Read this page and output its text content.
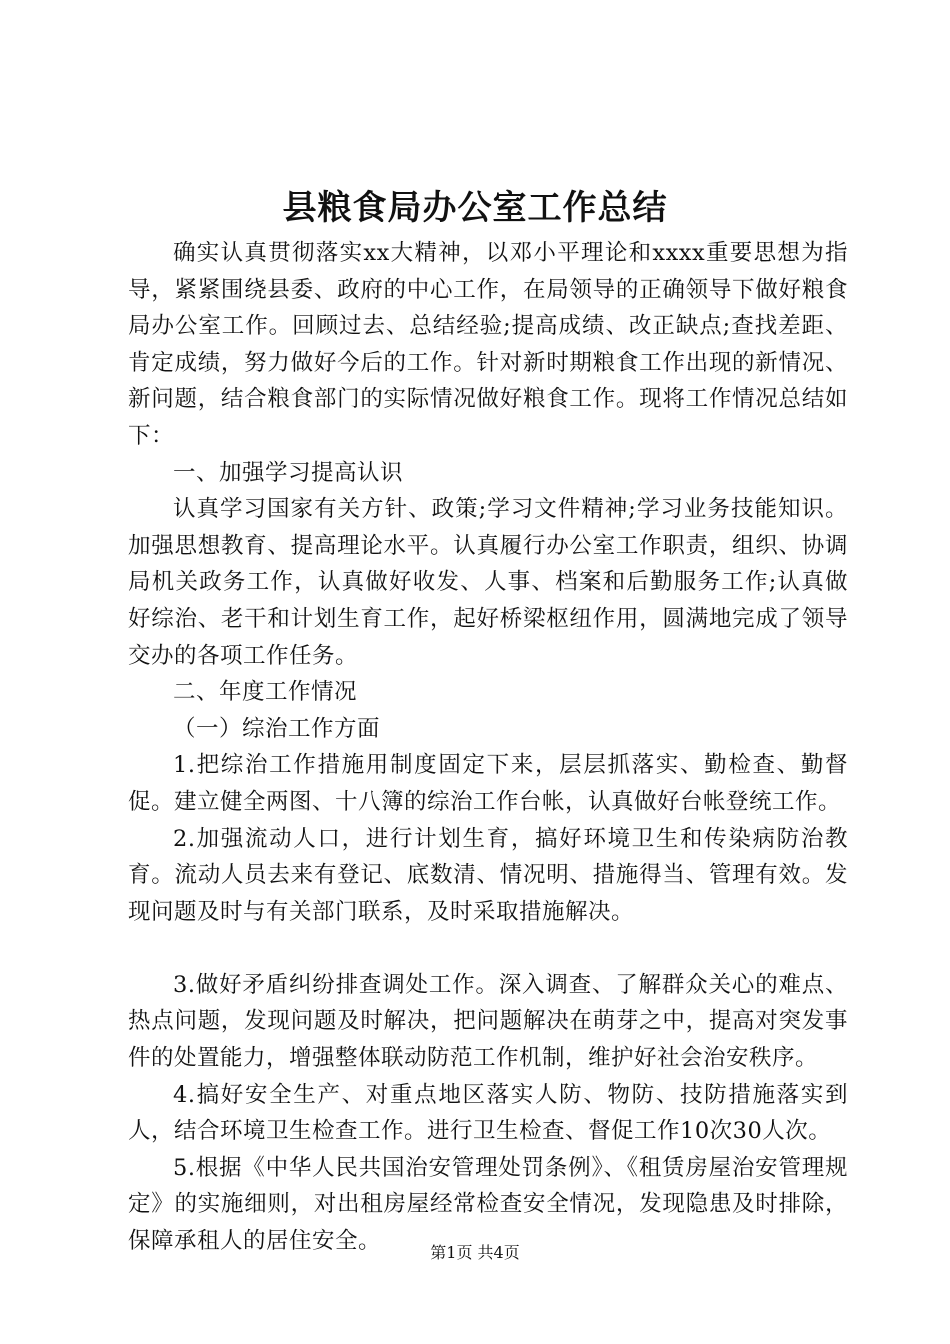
县粮食局办公室工作总结

确实认真贯彻落实xx大精神，以邓小平理论和xxxx重要思想为指导，紧紧围绕县委、政府的中心工作，在局领导的正确领导下做好粮食局办公室工作。回顾过去、总结经验;提高成绩、改正缺点;查找差距、肯定成绩，努力做好今后的工作。针对新时期粮食工作出现的新情况、新问题，结合粮食部门的实际情况做好粮食工作。现将工作情况总结如下：

一、加强学习提高认识

认真学习国家有关方针、政策;学习文件精神;学习业务技能知识。加强思想教育、提高理论水平。认真履行办公室工作职责，组织、协调局机关政务工作，认真做好收发、人事、档案和后勤服务工作;认真做好综治、老干和计划生育工作，起好桥梁枢纽作用，圆满地完成了领导交办的各项工作任务。

二、年度工作情况

（一）综治工作方面

1.把综治工作措施用制度固定下来，层层抓落实、勤检查、勤督促。建立健全两图、十八簿的综治工作台帐，认真做好台帐登统工作。

2.加强流动人口，进行计划生育，搞好环境卫生和传染病防治教育。流动人员去来有登记、底数清、情况明、措施得当、管理有效。发现问题及时与有关部门联系，及时采取措施解决。

3.做好矛盾纠纷排查调处工作。深入调查、了解群众关心的难点、热点问题，发现问题及时解决，把问题解决在萌芽之中，提高对突发事件的处置能力，增强整体联动防范工作机制，维护好社会治安秩序。

4.搞好安全生产、对重点地区落实人防、物防、技防措施落实到人，结合环境卫生检查工作。进行卫生检查、督促工作10次30人次。

5.根据《中华人民共国治安管理处罚条例》、《租赁房屋治安管理规定》的实施细则，对出租房屋经常检查安全情况，发现隐患及时排除，保障承租人的居住安全。	第1页 共4页
